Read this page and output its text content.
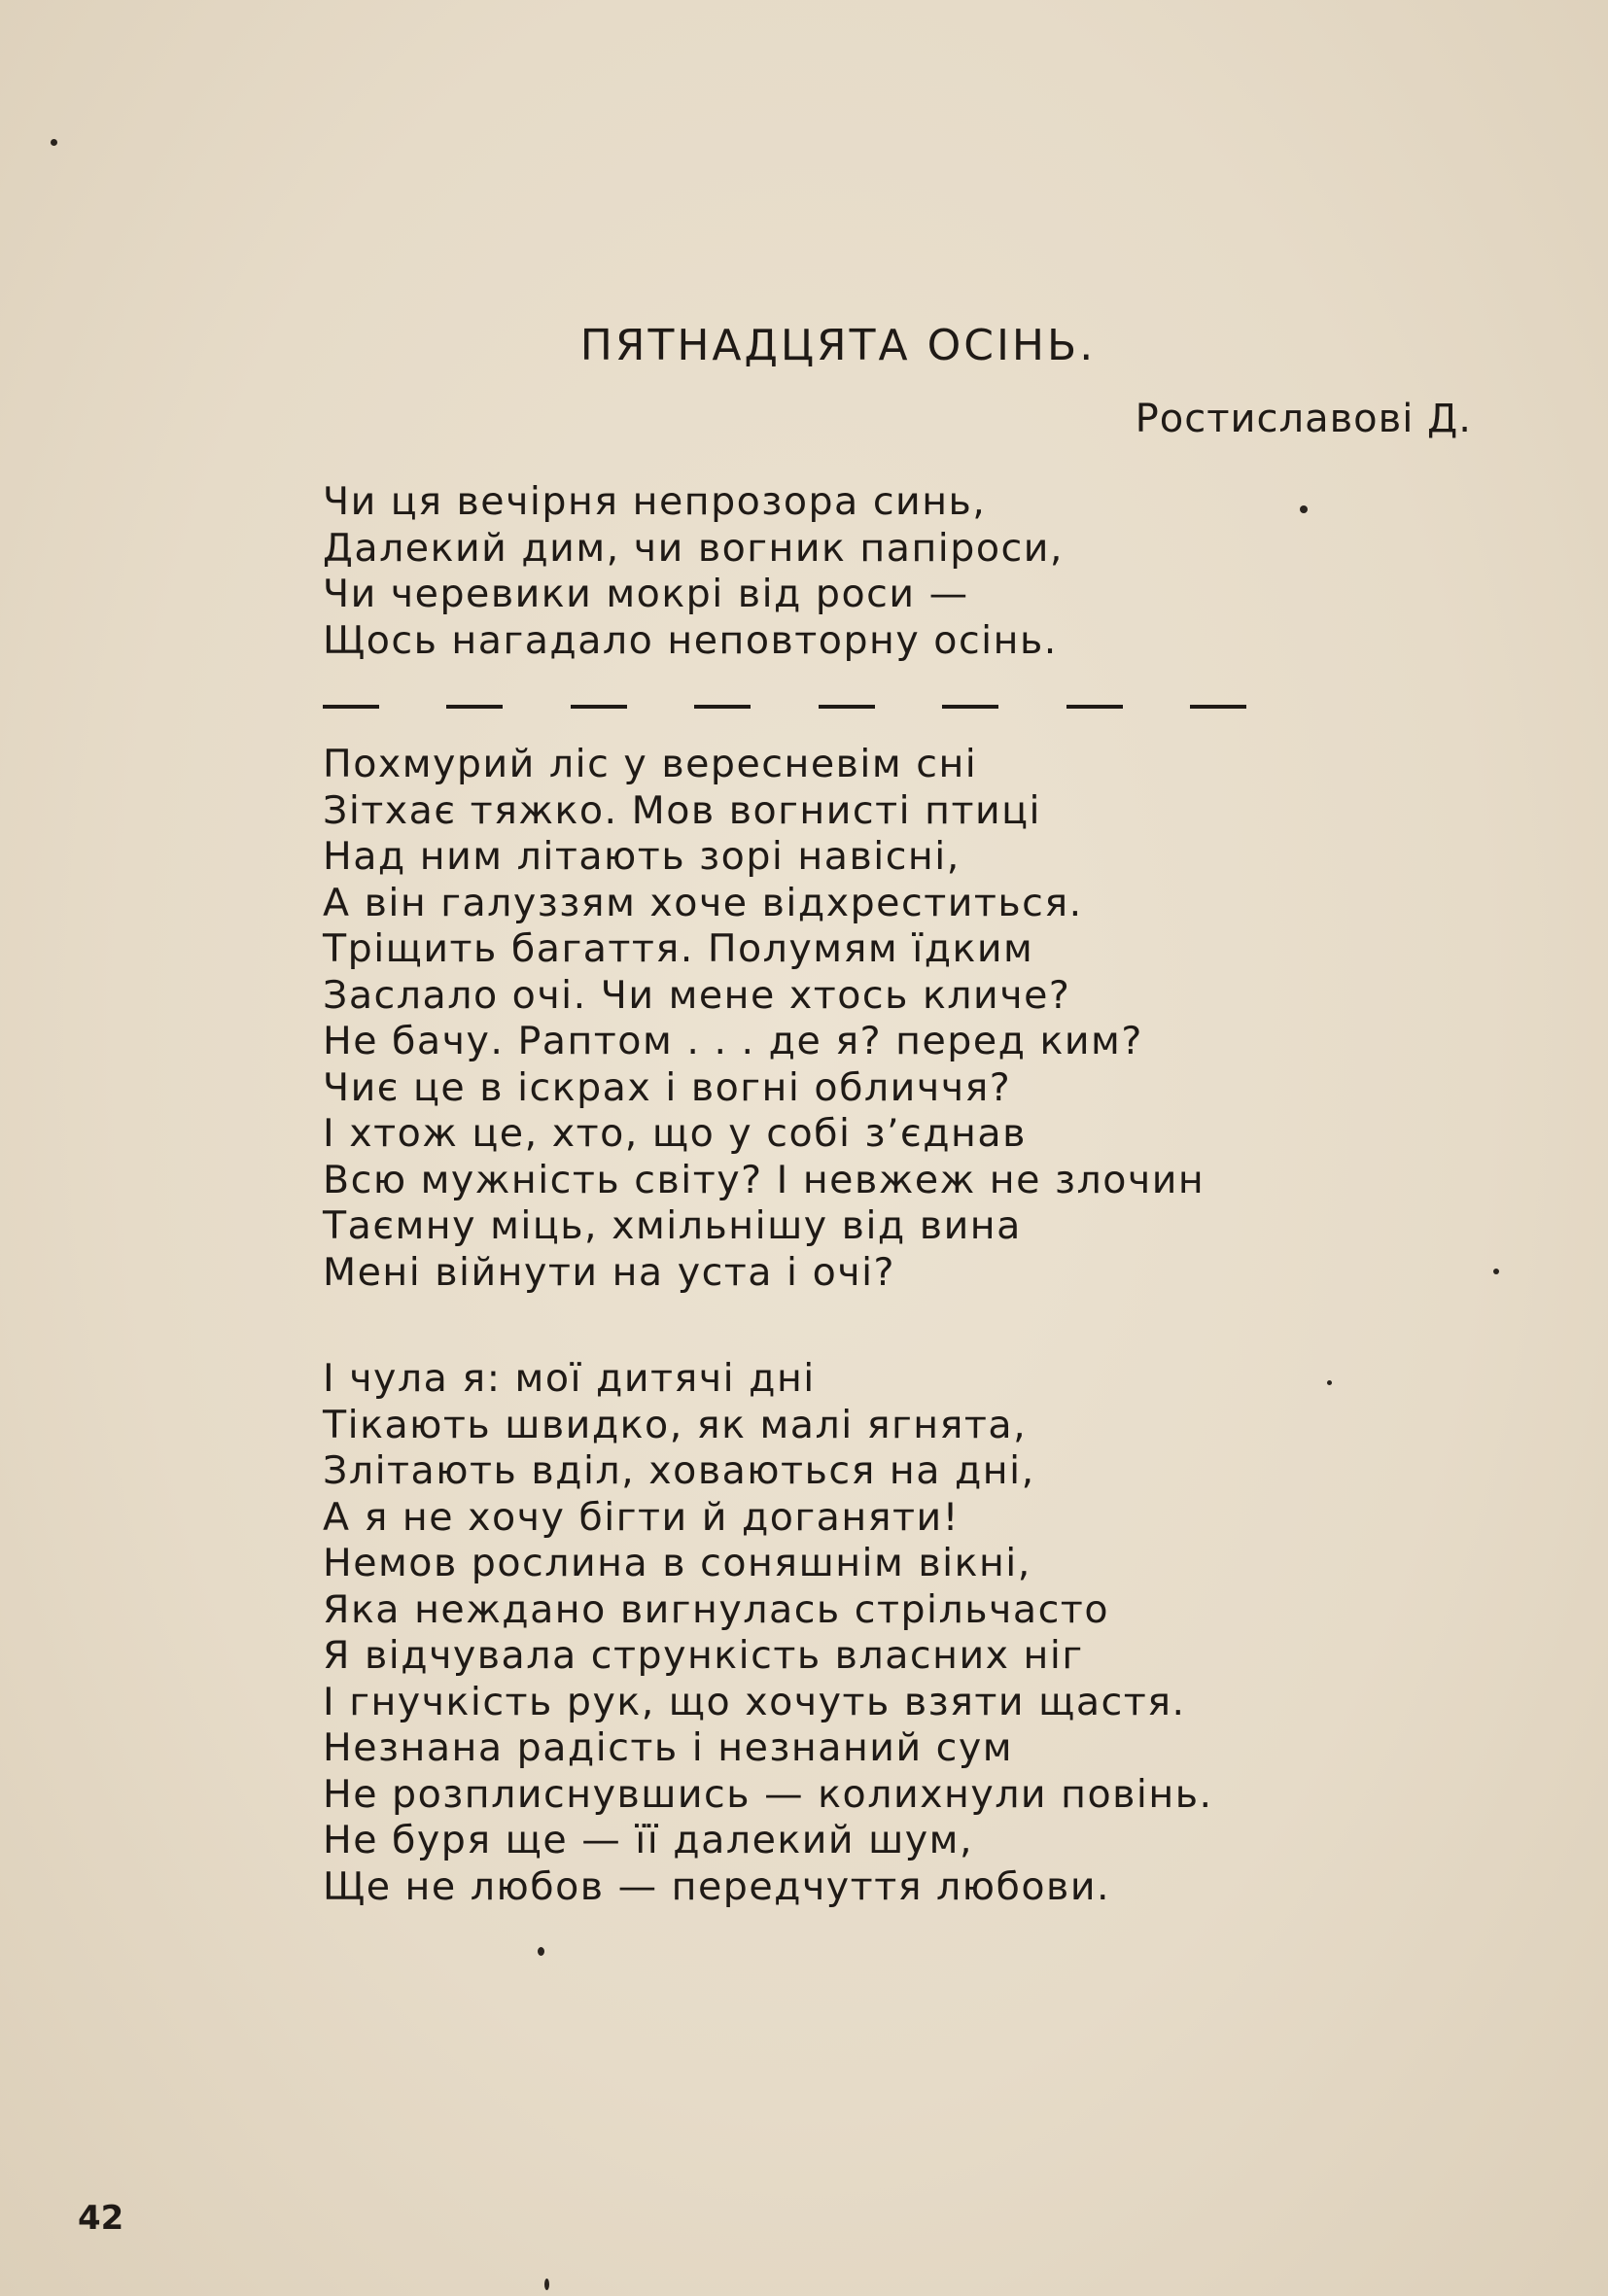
ПЯТНАДЦЯТА ОСІНЬ.
Ростиславові Д.
Чи ця вечірня непрозора синь,
Далекий дим, чи вогник папіроси,
Чи черевики мокрі від роси —
Щось нагадало неповторну осінь.
Похмурий ліс у вересневім сні
Зітхає тяжко. Мов вогнисті птиці
Над ним літають зорі навісні,
А він галуззям хоче відхреститься.
Тріщить багаття. Полумям їдким
Заслало очі. Чи мене хтось кличе?
Не бачу. Раптом . . . де я? перед ким?
Чиє це в іскрах і вогні обличчя?
І хтож це, хто, що у собі з’єднав
Всю мужність світу? І невжеж не злочин
Таємну міць, хмільнішу від вина
Мені війнути на уста і очі?
І чула я: мої дитячі дні
Тікають швидко, як малі ягнята,
Злітають вділ, ховаються на дні,
А я не хочу бігти й доганяти!
Немов рослина в соняшнім вікні,
Яка неждано вигнулась стрільчасто
Я відчувала стрункість власних ніг
І гнучкість рук, що хочуть взяти щастя.
Незнана радість і незнаний сум
Не розплиснувшись — колихнули повінь.
Не буря ще — її далекий шум,
Ще не любов — передчуття любови.
42
